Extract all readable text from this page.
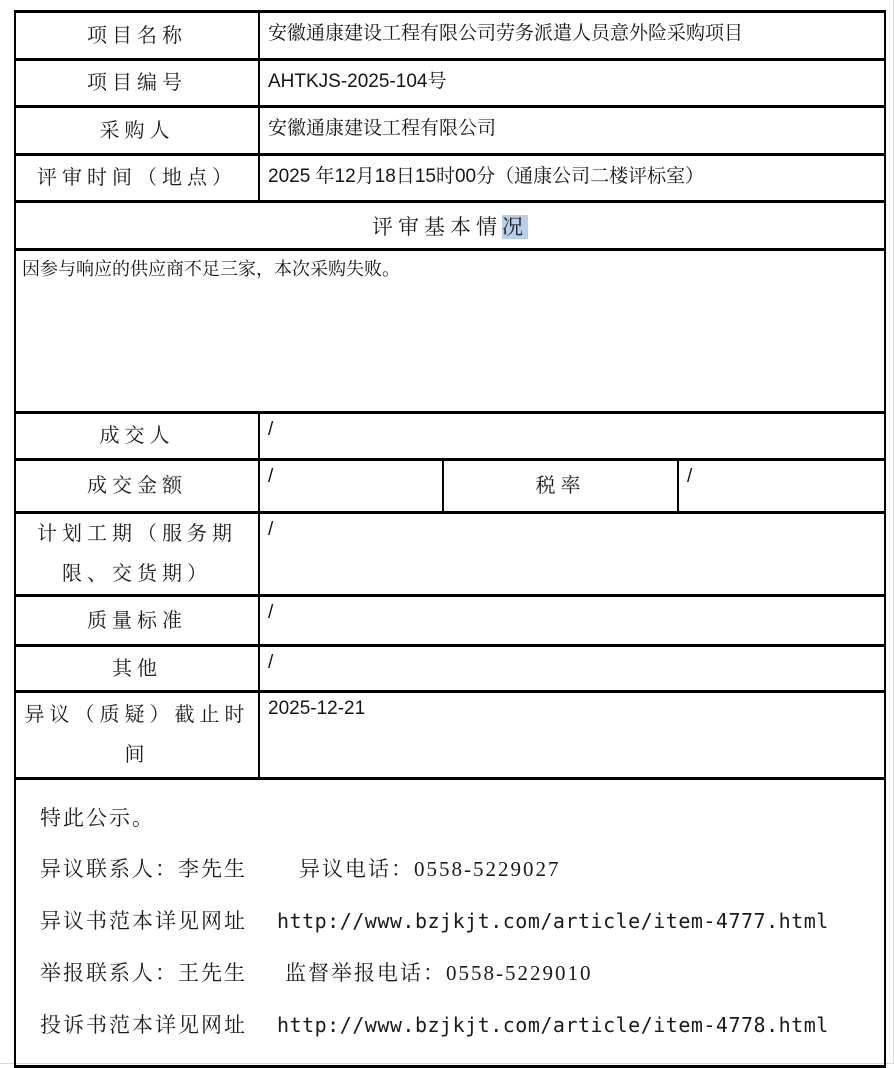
项目名称	安徽通康建设工程有限公司劳务派遣人员意外险采购项目		
项目编号	AHTKJS-2025-104号		
采购人	安徽通康建设工程有限公司		
评审时间（地点）	2025 年12月18日15时00分（通康公司二楼评标室）		
评审基本情况			
因参与响应的供应商不足三家，本次采购失败。			
成交人	/		
成交金额	/	税率	/
计划工期（服务期限、交货期）	/		
质量标准	/		
其他	/		
异议（质疑）截止时间	2025-12-21		

特此公示。
异议联系人：李先生 异议电话：0558-5229027
异议书范本详见网址 http://www.bzjkjt.com/article/item-4777.html
举报联系人：王先生 监督举报电话：0558-5229010
投诉书范本详见网址 http://www.bzjkjt.com/article/item-4778.html			
